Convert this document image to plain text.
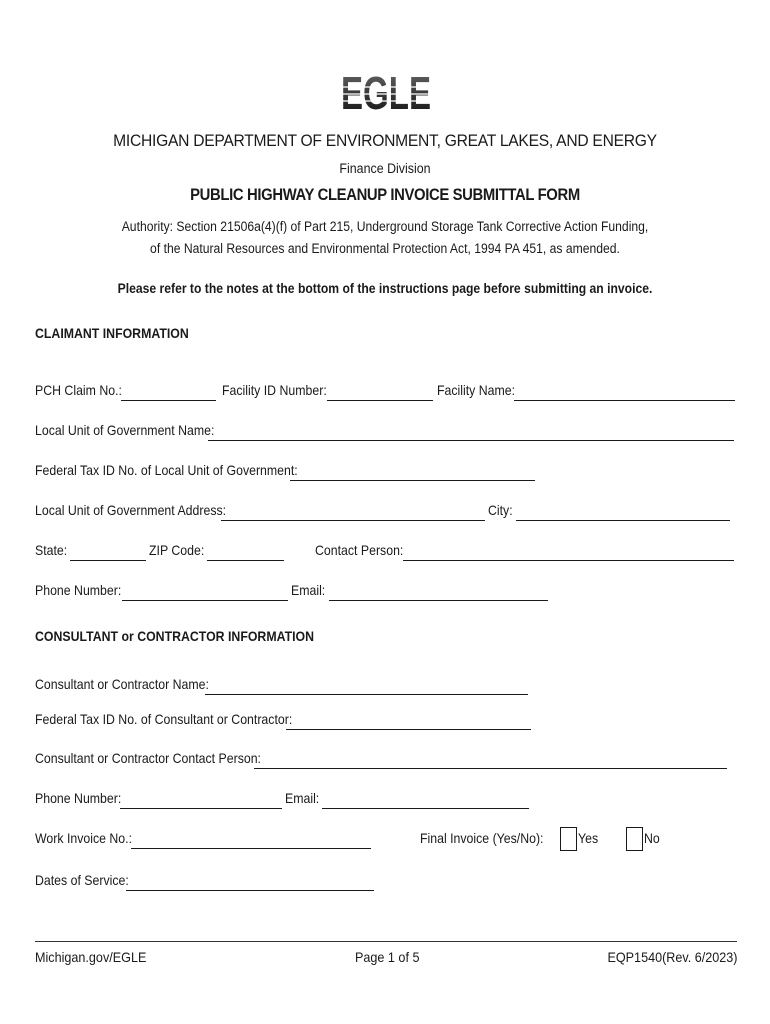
EGLE
MICHIGAN DEPARTMENT OF ENVIRONMENT, GREAT LAKES, AND ENERGY
Finance Division
PUBLIC HIGHWAY CLEANUP INVOICE SUBMITTAL FORM
Authority: Section 21506a(4)(f) of Part 215, Underground Storage Tank Corrective Action Funding,
of the Natural Resources and Environmental Protection Act, 1994 PA 451, as amended.
Please refer to the notes at the bottom of the instructions page before submitting an invoice.
CLAIMANT INFORMATION
PCH Claim No.:	Facility ID Number:	Facility Name:
Local Unit of Government Name:
Federal Tax ID No. of Local Unit of Government:
Local Unit of Government Address:	City:
State:	ZIP Code:	Contact Person:
Phone Number:	Email:
CONSULTANT or CONTRACTOR INFORMATION
Consultant or Contractor Name:
Federal Tax ID No. of Consultant or Contractor:
Consultant or Contractor Contact Person:
Phone Number:	Email:
Work Invoice No.:	Final Invoice (Yes/No): Yes	No
Dates of Service:
Michigan.gov/EGLE	Page 1 of 5	EQP1540(Rev. 6/2023)
